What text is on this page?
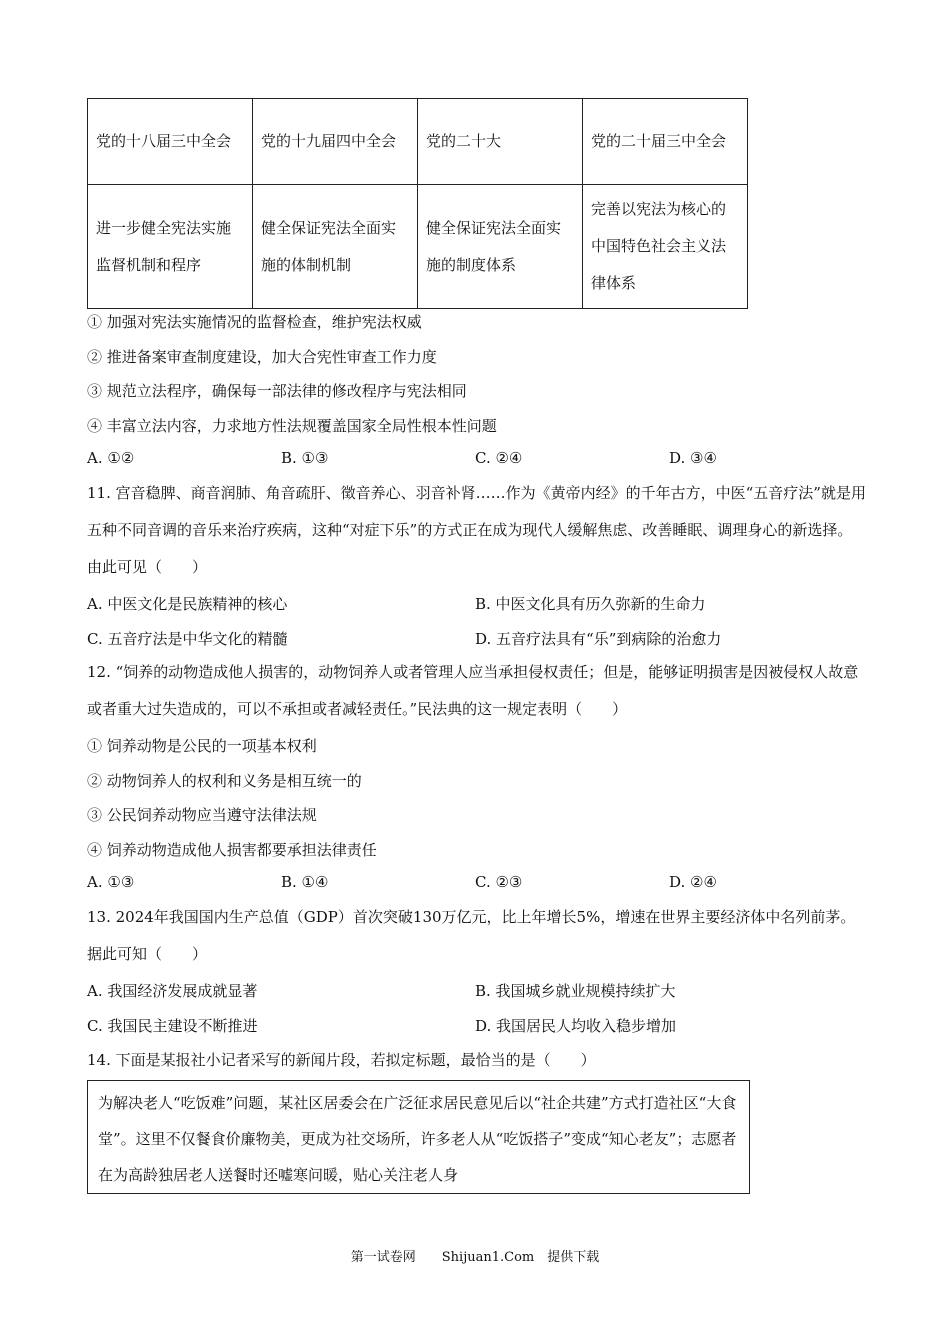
党的十八届三中全会	党的十九届四中全会	党的二十大	党的二十届三中全会
进一步健全宪法实施监督机制和程序	健全保证宪法全面实施的体制机制	健全保证宪法全面实施的制度体系	完善以宪法为核心的中国特色社会主义法律体系
① 加强对宪法实施情况的监督检查，维护宪法权威
② 推进备案审查制度建设，加大合宪性审查工作力度
③ 规范立法程序，确保每一部法律的修改程序与宪法相同
④ 丰富立法内容，力求地方性法规覆盖国家全局性根本性问题
A. ①②	B. ①③	C. ②④	D. ③④
11. 宫音稳脾、商音润肺、角音疏肝、徵音养心、羽音补肾……作为《黄帝内经》的千年古方，中医“五音疗法”就是用五种不同音调的音乐来治疗疾病，这种“对症下乐”的方式正在成为现代人缓解焦虑、改善睡眠、调理身心的新选择。由此可见（　　）
A. 中医文化是民族精神的核心	B. 中医文化具有历久弥新的生命力
C. 五音疗法是中华文化的精髓	D. 五音疗法具有“乐”到病除的治愈力
12. “饲养的动物造成他人损害的，动物饲养人或者管理人应当承担侵权责任；但是，能够证明损害是因被侵权人故意或者重大过失造成的，可以不承担或者减轻责任。”民法典的这一规定表明（　　）
① 饲养动物是公民的一项基本权利
② 动物饲养人的权利和义务是相互统一的
③ 公民饲养动物应当遵守法律法规
④ 饲养动物造成他人损害都要承担法律责任
A. ①③	B. ①④	C. ②③	D. ②④
13. 2024年我国国内生产总值（GDP）首次突破130万亿元，比上年增长5%，增速在世界主要经济体中名列前茅。据此可知（　　）
A. 我国经济发展成就显著	B. 我国城乡就业规模持续扩大
C. 我国民主建设不断推进	D. 我国居民人均收入稳步增加
14. 下面是某报社小记者采写的新闻片段，若拟定标题，最恰当的是（　　）
为解决老人“吃饭难”问题，某社区居委会在广泛征求居民意见后以“社企共建”方式打造社区“大食堂”。这里不仅餐食价廉物美，更成为社交场所，许多老人从“吃饭搭子”变成“知心老友”；志愿者在为高龄独居老人送餐时还嘘寒问暖，贴心关注老人身
第一试卷网　　Shijuan1.Com　提供下载
